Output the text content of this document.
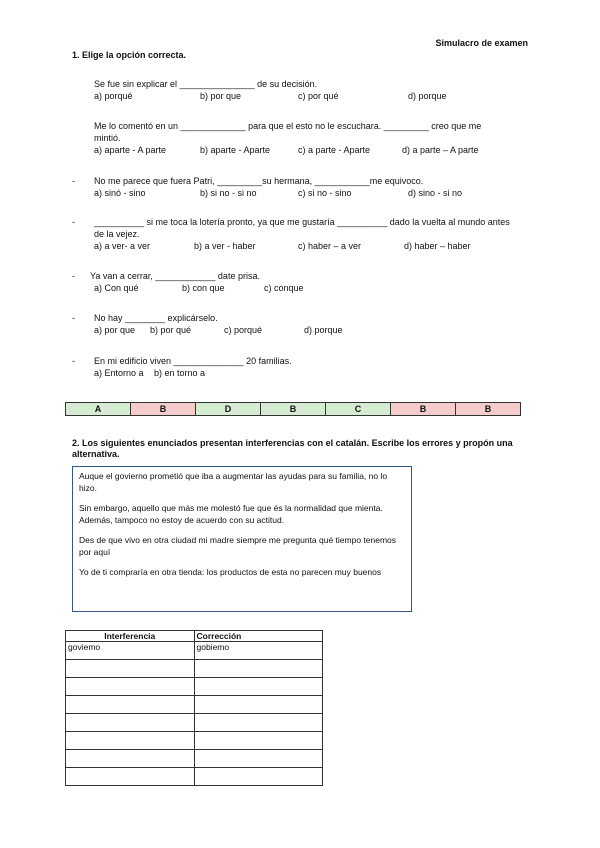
Simulacro de examen
1. Elige la opción correcta.
Se fue sin explicar el _______________ de su decisión.
a) porqué	b) por que	c) por qué	d) porque
Me lo comentó en un _____________ para que el esto no le escuchara. _________ creo que me mintió.
a) aparte - A parte	b) aparte - Aparte	c) a parte - Aparte	d) a parte – A parte
- No me parece que fuera Patri, _________su hermana, ___________me equivoco.
a) sinó - sino	b) si no - si no	c) si no - sino	d) sino - si no
- __________ si me toca la lotería pronto, ya que me gustaría __________ dado la vuelta al mundo antes de la vejez.
a) a ver- a ver	b) a ver - haber	c) haber – a ver	d) haber – haber
- Ya van a cerrar, ____________ date prisa.
a) Con qué	b) con que	c) conque
- No hay ________ explicárselo.
a) por que	b) por qué	c) porqué	d) porque
- En mi edificio viven ______________ 20 familias.
a) Entorno a	b) en torno a
A	B	D	B	C	B	B
2. Los siguientes enunciados presentan interferencias con el catalán. Escribe los errores y propón una alternativa.

Auque el govierno prometió que iba a augmentar las ayudas para su familia, no lo hizo.

Sin embargo, aquello que más me molestó fue que és la normalidad que mienta. Además, tampoco no estoy de acuerdo con su actitud.

Des de que vivo en otra ciudad mi madre siempre me pregunta qué tiempo tenemos por aquí

Yo de ti compraría en otra tienda: los productos de esta no parecen muy buenos

Interferencia	Corrección
goviemo	gobiemo
